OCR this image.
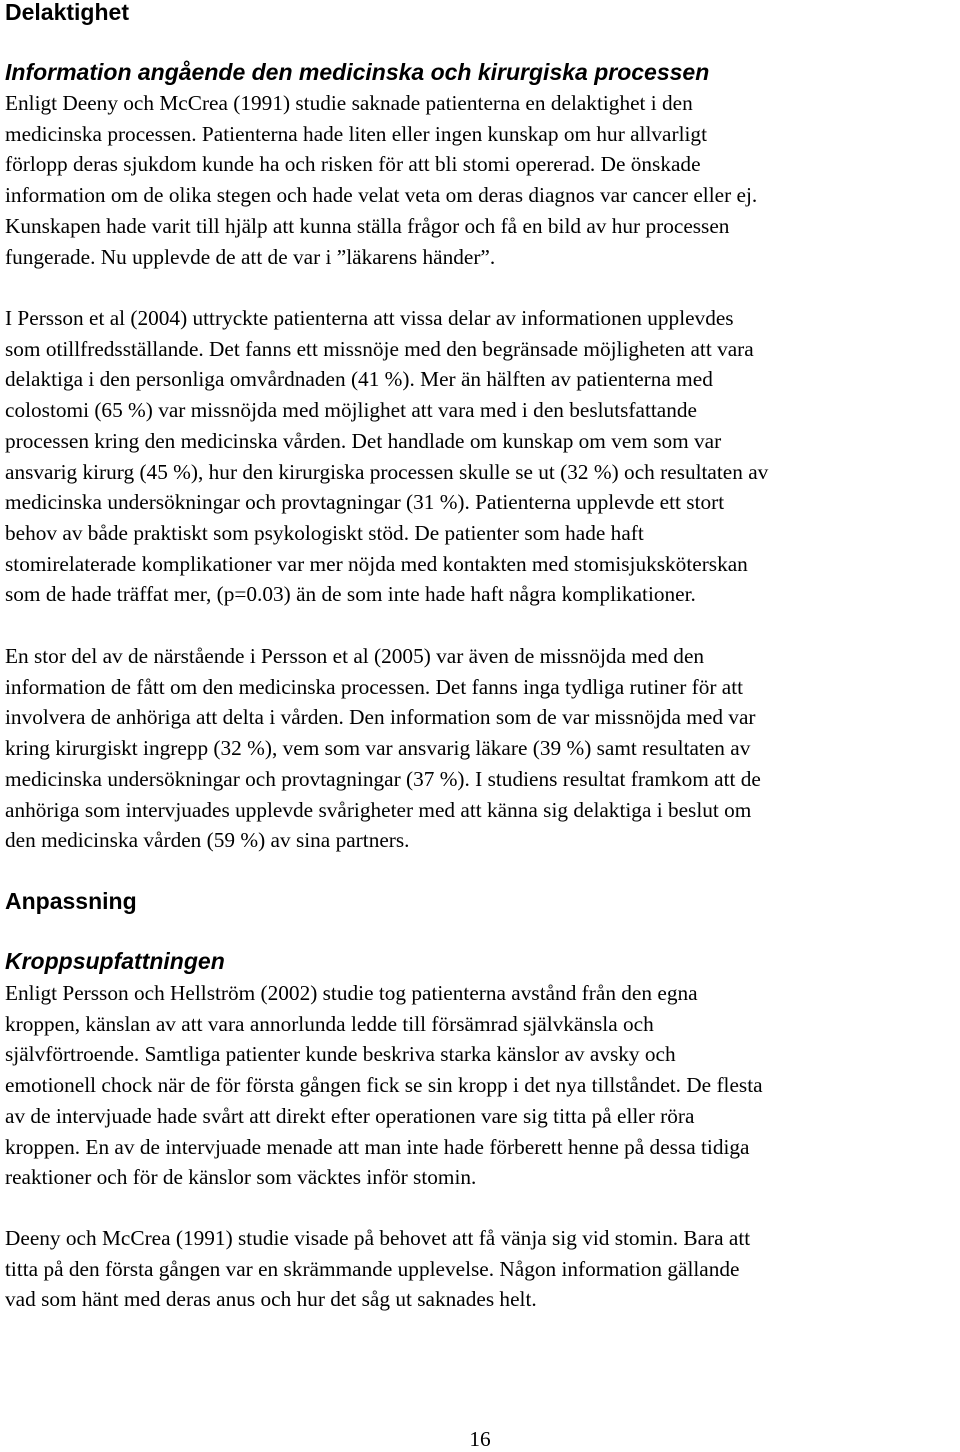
Delaktighet
Information angående den medicinska och kirurgiska processen

Enligt Deeny och McCrea (1991) studie saknade patienterna en delaktighet i den
medicinska processen. Patienterna hade liten eller ingen kunskap om hur allvarligt
förlopp deras sjukdom kunde ha och risken för att bli stomi opererad. De önskade
information om de olika stegen och hade velat veta om deras diagnos var cancer eller ej.
Kunskapen hade varit till hjälp att kunna ställa frågor och få en bild av hur processen
fungerade. Nu upplevde de att de var i ”läkarens händer”.

I Persson et al (2004) uttryckte patienterna att vissa delar av informationen upplevdes
som otillfredsställande. Det fanns ett missnöje med den begränsade möjligheten att vara
delaktiga i den personliga omvårdnaden (41 %). Mer än hälften av patienterna med
colostomi (65 %) var missnöjda med möjlighet att vara med i den beslutsfattande
processen kring den medicinska vården. Det handlade om kunskap om vem som var
ansvarig kirurg (45 %), hur den kirurgiska processen skulle se ut (32 %) och resultaten av
medicinska undersökningar och provtagningar (31 %). Patienterna upplevde ett stort
behov av både praktiskt som psykologiskt stöd. De patienter som hade haft
stomirelaterade komplikationer var mer nöjda med kontakten med stomisjuksköterskan
som de hade träffat mer, (p=0.03) än de som inte hade haft några komplikationer.

En stor del av de närstående i Persson et al (2005) var även de missnöjda med den
information de fått om den medicinska processen. Det fanns inga tydliga rutiner för att
involvera de anhöriga att delta i vården. Den information som de var missnöjda med var
kring kirurgiskt ingrepp (32 %), vem som var ansvarig läkare (39 %) samt resultaten av
medicinska undersökningar och provtagningar (37 %). I studiens resultat framkom att de
anhöriga som intervjuades upplevde svårigheter med att känna sig delaktiga i beslut om
den medicinska vården (59 %) av sina partners.

Anpassning
Kroppsupfattningen

Enligt Persson och Hellström (2002) studie tog patienterna avstånd från den egna
kroppen, känslan av att vara annorlunda ledde till försämrad självkänsla och
självförtroende. Samtliga patienter kunde beskriva starka känslor av avsky och
emotionell chock när de för första gången fick se sin kropp i det nya tillståndet. De flesta
av de intervjuade hade svårt att direkt efter operationen vare sig titta på eller röra
kroppen. En av de intervjuade menade att man inte hade förberett henne på dessa tidiga
reaktioner och för de känslor som väcktes inför stomin.

Deeny och McCrea (1991) studie visade på behovet att få vänja sig vid stomin. Bara att
titta på den första gången var en skrämmande upplevelse. Någon information gällande
vad som hänt med deras anus och hur det såg ut saknades helt.

16
